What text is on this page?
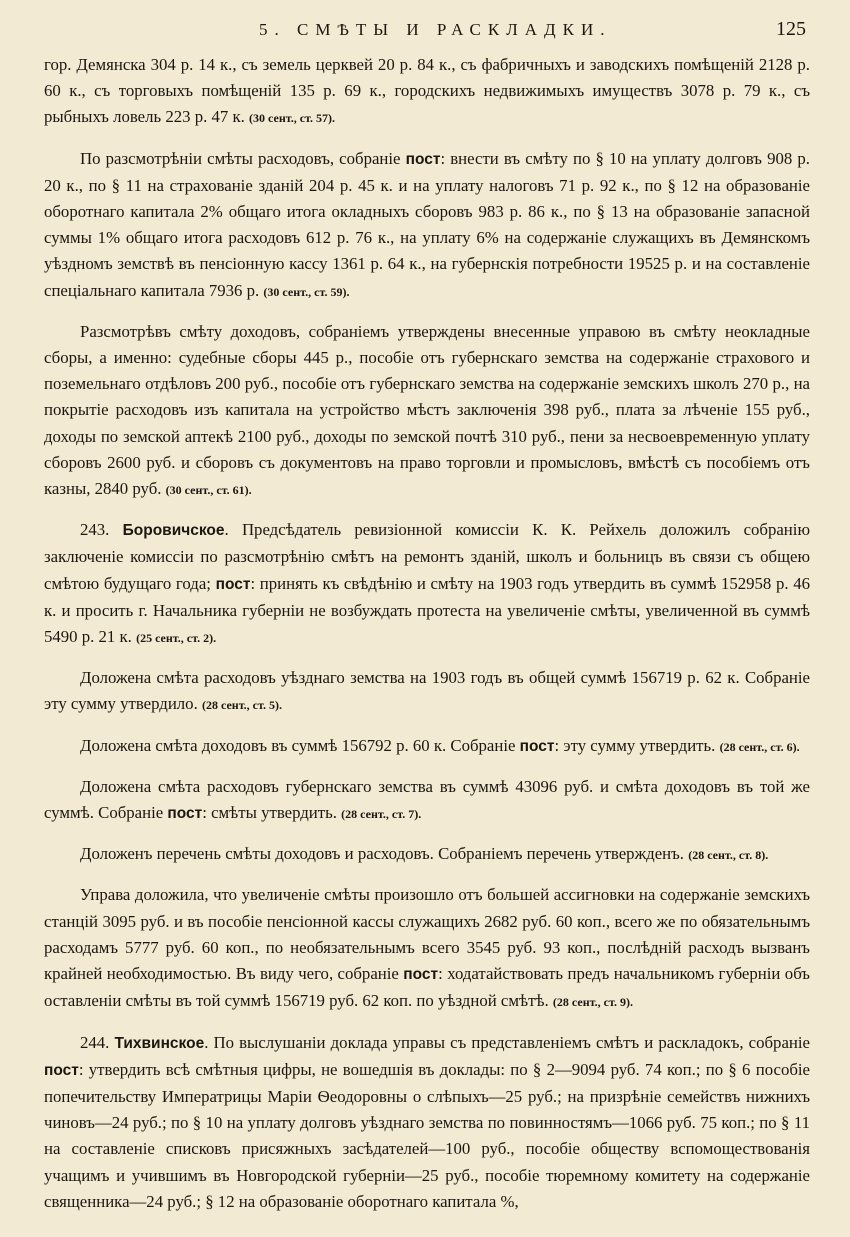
5. СМѢТЫ И РАСКЛАДКИ.	125

гор. Демянска 304 р. 14 к., съ земель церквей 20 р. 84 к., съ фабричныхъ и заводскихъ помѣщеній 2128 р. 60 к., съ торговыхъ помѣщеній 135 р. 69 к., городскихъ недвижимыхъ имуществъ 3078 р. 79 к., съ рыбныхъ ловель 223 р. 47 к. (30 сент., ст. 57).

По разсмотрѣніи смѣты расходовъ, собраніе пост: внести въ смѣту по § 10 на уплату долговъ 908 р. 20 к., по § 11 на страхованіе зданій 204 р. 45 к. и на уплату налоговъ 71 р. 92 к., по § 12 на образованіе оборотнаго капитала 2% общаго итога окладныхъ сборовъ 983 р. 86 к., по § 13 на образованіе запасной суммы 1% общаго итога расходовъ 612 р. 76 к., на уплату 6% на содержаніе служащихъ въ Демянскомъ уѣздномъ земствѣ въ пенсіонную кассу 1361 р. 64 к., на губернскія потребности 19525 р. и на составленіе спеціальнаго капитала 7936 р. (30 сент., ст. 59).

Разсмотрѣвъ смѣту доходовъ, собраніемъ утверждены внесенные управою въ смѣту неокладные сборы, а именно: судебные сборы 445 р., пособіе отъ губернскаго земства на содержаніе страхового и поземельнаго отдѣловъ 200 руб., пособіе отъ губернскаго земства на содержаніе земскихъ школъ 270 р., на покрытіе расходовъ изъ капитала на устройство мѣстъ заключенія 398 руб., плата за лѣченіе 155 руб., доходы по земской аптекѣ 2100 руб., доходы по земской почтѣ 310 руб., пени за несвоевременную уплату сборовъ 2600 руб. и сборовъ съ документовъ на право торговли и промысловъ, вмѣстѣ съ пособіемъ отъ казны, 2840 руб. (30 сент., ст. 61).

243. Боровичское. Предсѣдатель ревизіонной комиссіи К. К. Рейхель доложилъ собранію заключеніе комиссіи по разсмотрѣнію смѣтъ на ремонтъ зданій, школъ и больницъ въ связи съ общею смѣтою будущаго года; пост: принять къ свѣдѣнію и смѣту на 1903 годъ утвердить въ суммѣ 152958 р. 46 к. и просить г. Начальника губерніи не возбуждать протеста на увеличеніе смѣты, увеличенной въ суммѣ 5490 р. 21 к. (25 сент., ст. 2).

Доложена смѣта расходовъ уѣзднаго земства на 1903 годъ въ общей суммѣ 156719 р. 62 к. Собраніе эту сумму утвердило. (28 сент., ст. 5).

Доложена смѣта доходовъ въ суммѣ 156792 р. 60 к. Собраніе пост: эту сумму утвердить. (28 сент., ст. 6).

Доложена смѣта расходовъ губернскаго земства въ суммѣ 43096 руб. и смѣта доходовъ въ той же суммѣ. Собраніе пост: смѣты утвердить. (28 сент., ст. 7).

Доложенъ перечень смѣты доходовъ и расходовъ. Собраніемъ перечень утвержденъ. (28 сент., ст. 8).

Управа доложила, что увеличеніе смѣты произошло отъ большей ассигновки на содержаніе земскихъ станцій 3095 руб. и въ пособіе пенсіонной кассы служащихъ 2682 руб. 60 коп., всего же по обязательнымъ расходамъ 5777 руб. 60 коп., по необязательнымъ всего 3545 руб. 93 коп., послѣдній расходъ вызванъ крайней необходимостью. Въ виду чего, собраніе пост: ходатайствовать предъ начальникомъ губерніи объ оставленіи смѣты въ той суммѣ 156719 руб. 62 коп. по уѣздной смѣтѣ. (28 сент., ст. 9).

244. Тихвинское. По выслушаніи доклада управы съ представленіемъ смѣтъ и раскладокъ, собраніе пост: утвердить всѣ смѣтныя цифры, не вошедшія въ доклады: по § 2—9094 руб. 74 коп.; по § 6 пособіе попечительству Императрицы Маріи Ѳеодоровны о слѣпыхъ—25 руб.; на призрѣніе семействъ нижнихъ чиновъ—24 руб.; по § 10 на уплату долговъ уѣзднаго земства по повинностямъ—1066 руб. 75 коп.; по § 11 на составленіе списковъ присяжныхъ засѣдателей—100 руб., пособіе обществу вспомоществованія учащимъ и учившимъ въ Новгородской губерніи—25 руб., пособіе тюремному комитету на содержаніе священника—24 руб.; § 12 на образованіе оборотнаго капитала %,
